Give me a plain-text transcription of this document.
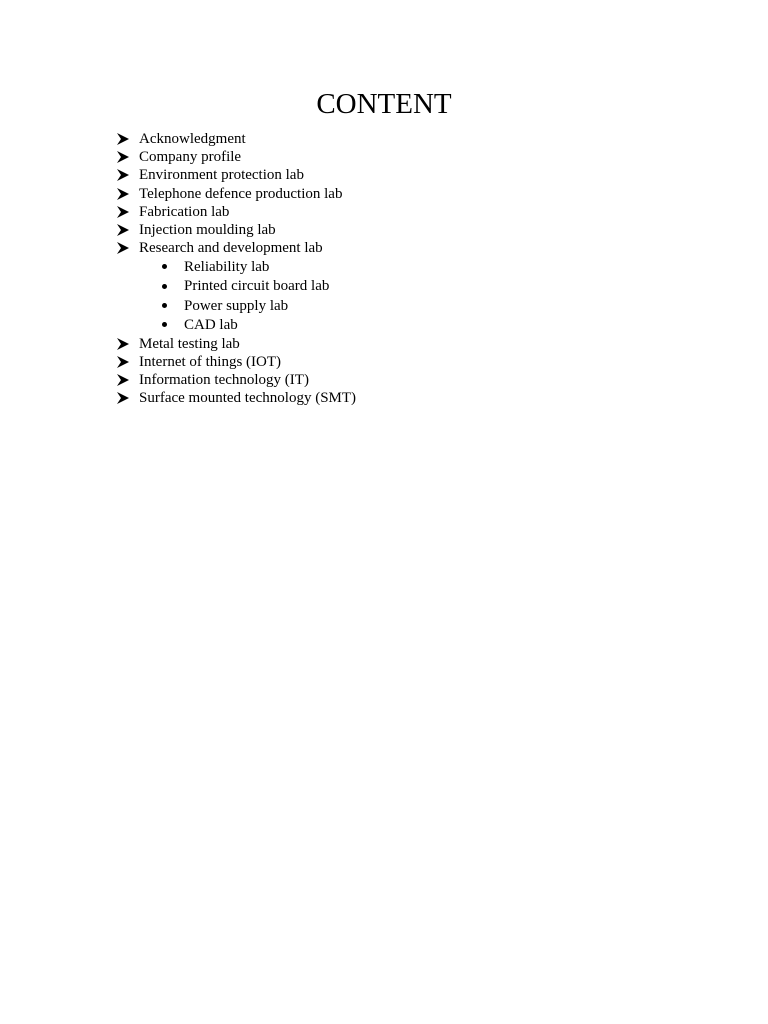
CONTENT
Acknowledgment
Company profile
Environment protection lab
Telephone defence production lab
Fabrication lab
Injection moulding lab
Research and development lab
Reliability lab
Printed circuit board lab
Power supply lab
CAD lab
Metal testing lab
Internet of things (IOT)
Information technology (IT)
Surface mounted technology (SMT)
